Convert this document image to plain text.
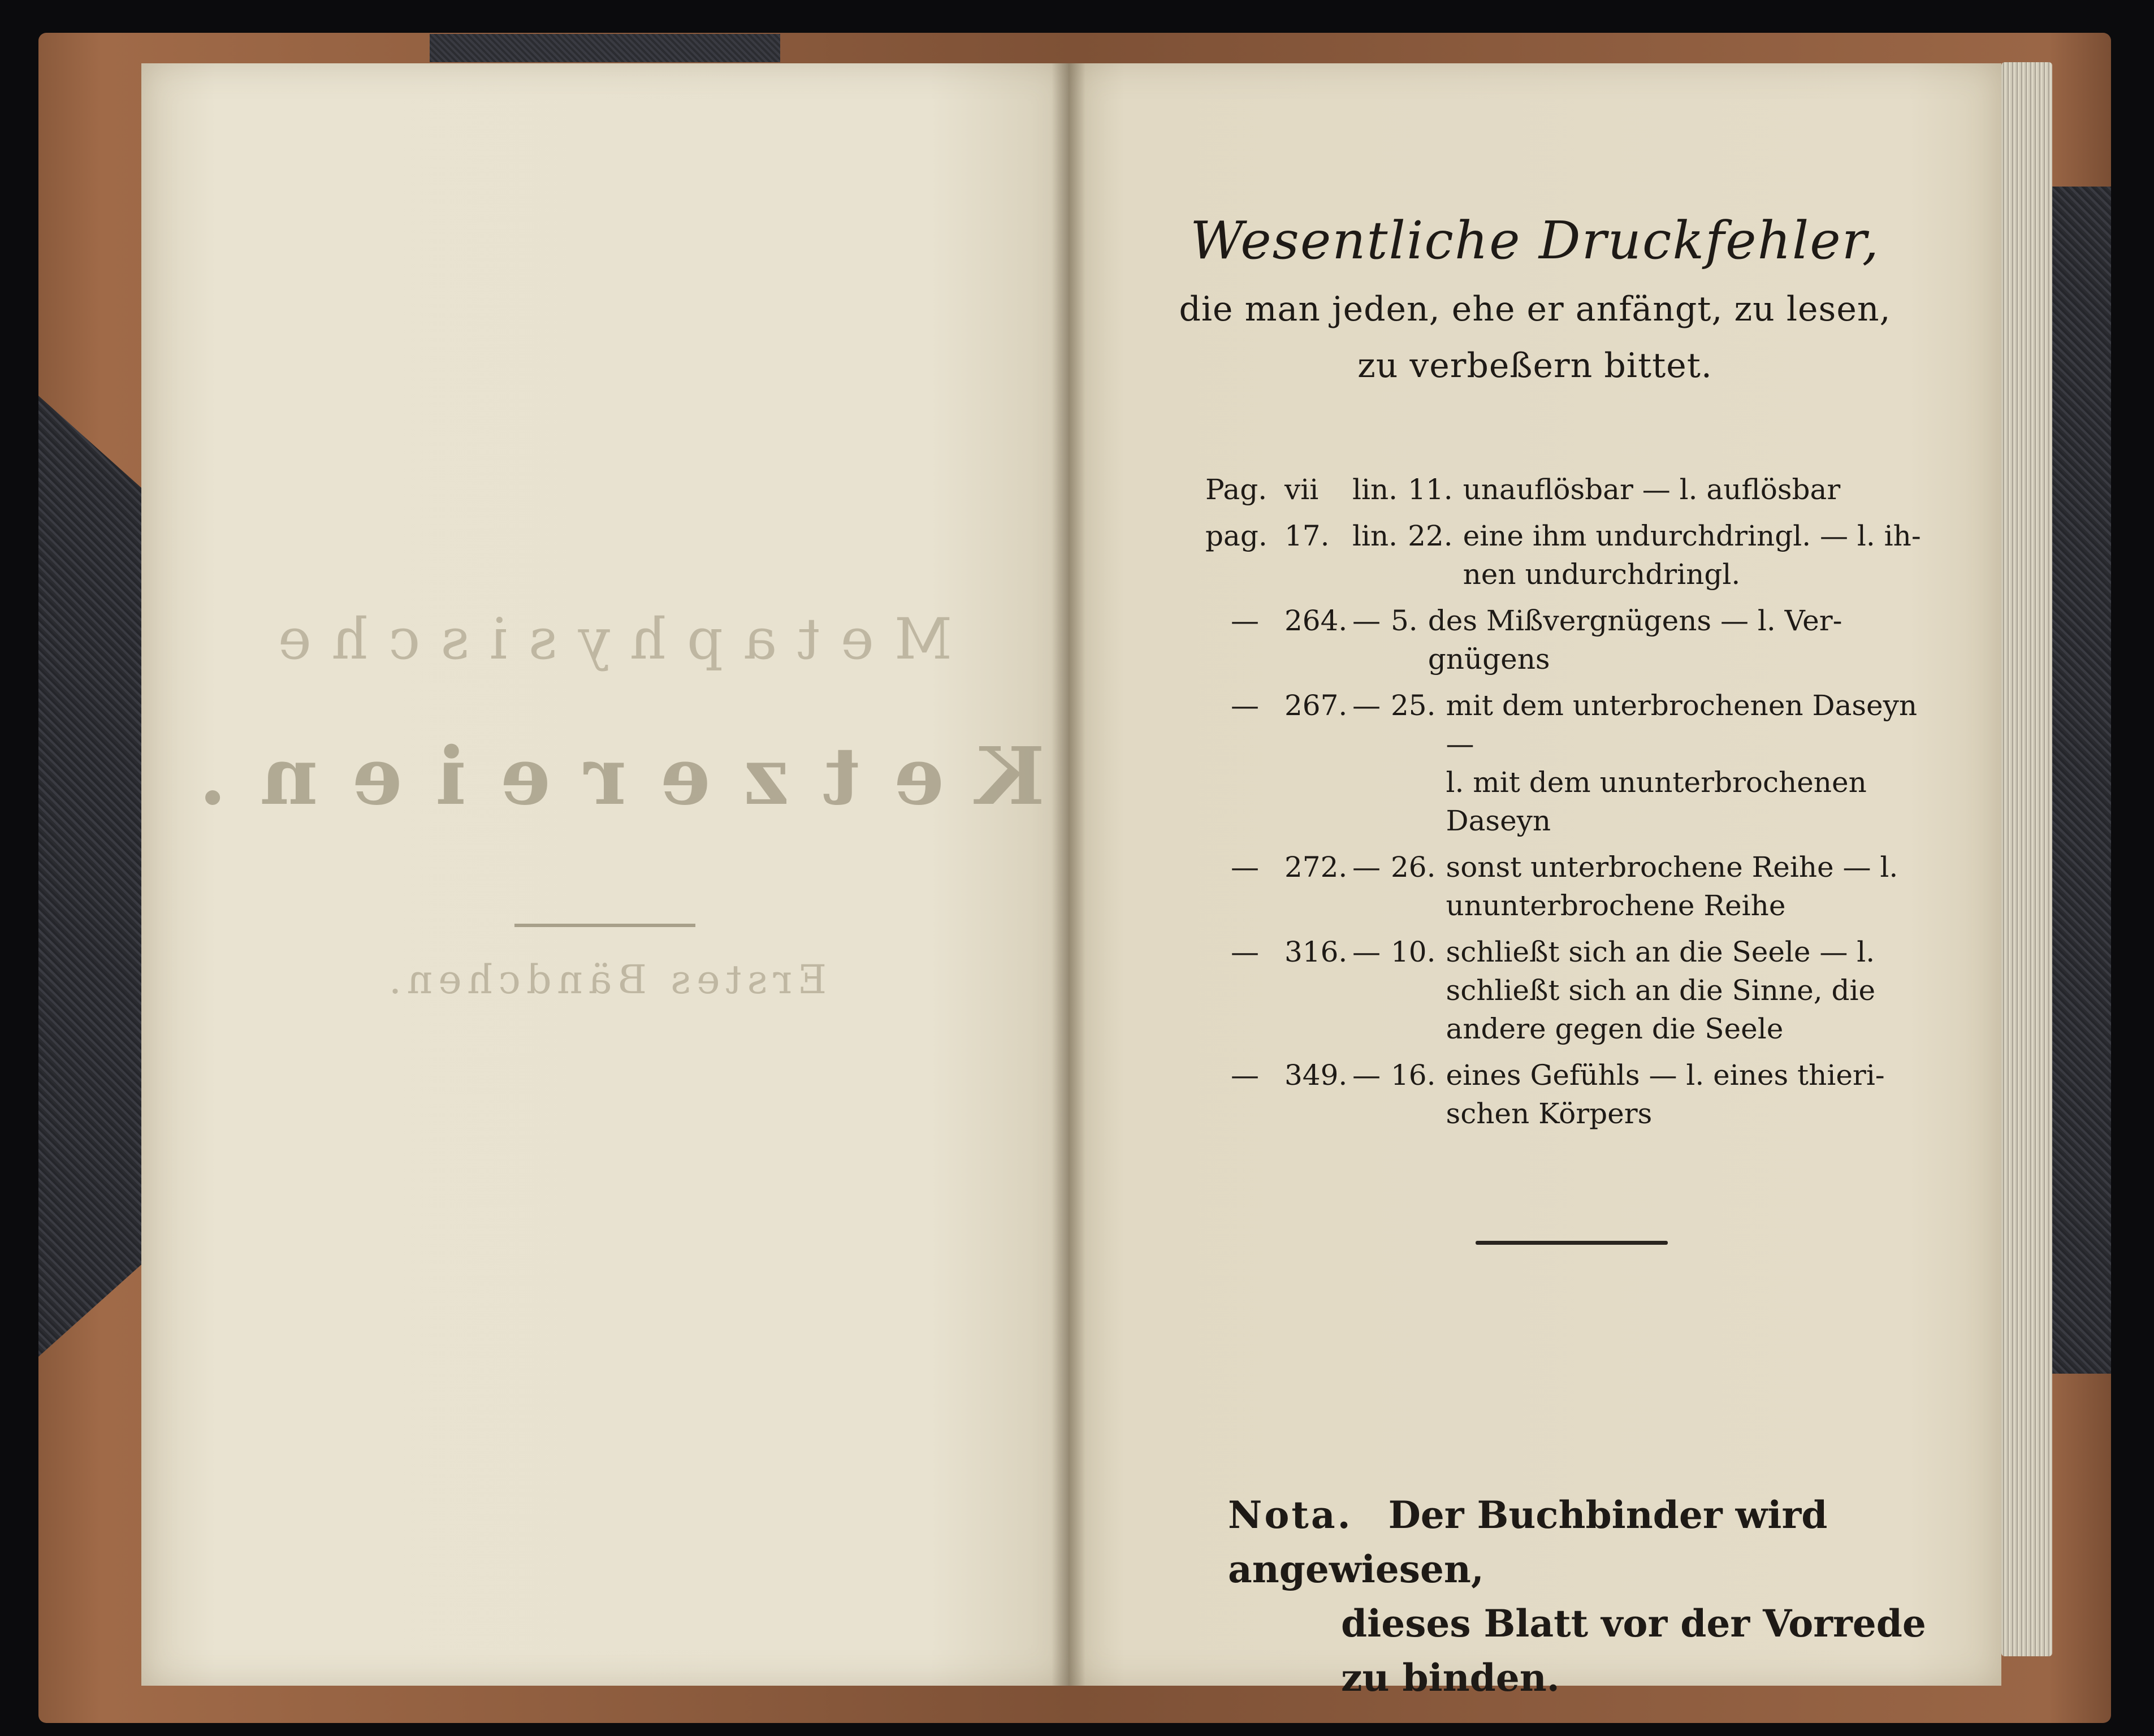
Metaphysische
Ketzereien.
Erstes Bändchen.
Wesentliche Druckfehler,
die man jeden, ehe er anfängt, zu lesen,
zu verbeßern bittet.
Pag. vii	lin. 11. unauflösbar — l. auflösbar
pag. 17. lin. 22. eine ihm undurchdringl. — l. ih-
nen undurchdringl.
— 264. — 5. des Mißvergnügens — l. Ver-
gnügens
— 267. — 25. mit dem unterbrochenen Daseyn —
l. mit dem ununterbrochenen Daseyn
— 272. — 26. sonst unterbrochene Reihe — l.
ununterbrochene Reihe
— 316. — 10. schließt sich an die Seele — l.
schließt sich an die Sinne, die andere gegen die Seele
— 349. — 16. eines Gefühls — l. eines thieri-
schen Körpers
Nota. Der Buchbinder wird angewiesen,
dieses Blatt vor der Vorrede zu binden.
